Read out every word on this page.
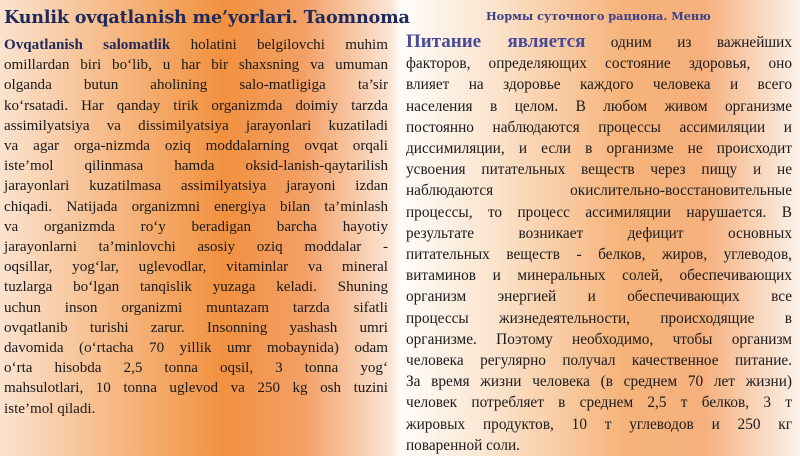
Kunlik ovqatlanish me’yorlari. Taomnoma	Нормы суточного рациона. Меню
Ovqatlanish salomatlik holatini belgilovchi muhim
omillardan biri bo‘lib, u har bir shaxsning va umuman
olganda butun aholining salo-matligiga ta’sir
ko‘rsatadi. Har qanday tirik organizmda doimiy tarzda
assimilyatsiya va dissimilyatsiya jarayonlari kuzatiladi
va agar orga-nizmda oziq moddalarning ovqat orqali
iste’mol qilinmasa hamda oksid-lanish-qaytarilish
jarayonlari kuzatilmasa assimilyatsiya jarayoni izdan
chiqadi. Natijada organizmni energiya bilan ta’minlash
va organizmda ro‘y beradigan barcha hayotiy
jarayonlarni ta’minlovchi asosiy oziq moddalar -
oqsillar, yog‘lar, uglevodlar, vitaminlar va mineral
tuzlarga bo‘lgan tanqislik yuzaga keladi. Shuning
uchun inson organizmi muntazam tarzda sifatli
ovqatlanib turishi zarur. Insonning yashash umri
davomida (o‘rtacha 70 yillik umr mobaynida) odam
o‘rta hisobda 2,5 tonna oqsil, 3 tonna yog‘
mahsulotlari, 10 tonna uglevod va 250 kg osh tuzini
iste’mol qiladi.
Питание является одним из важнейших
факторов, определяющих состояние здоровья, оно
влияет на здоровье каждого человека и всего
населения в целом. В любом живом организме
постоянно наблюдаются процессы ассимиляции и
диссимиляции, и если в организме не происходит
усвоения питательных веществ через пищу и не
наблюдаются окислительно-восстановительные
процессы, то процесс ассимиляции нарушается. В
результате возникает дефицит основных
питательных веществ - белков, жиров, углеводов,
витаминов и минеральных солей, обеспечивающих
организм энергией и обеспечивающих все
процессы жизнедеятельности, происходящие в
организме. Поэтому необходимо, чтобы организм
человека регулярно получал качественное питание.
За время жизни человека (в среднем 70 лет жизни)
человек потребляет в среднем 2,5 т белков, 3 т
жировых продуктов, 10 т углеводов и 250 кг
поваренной соли.
